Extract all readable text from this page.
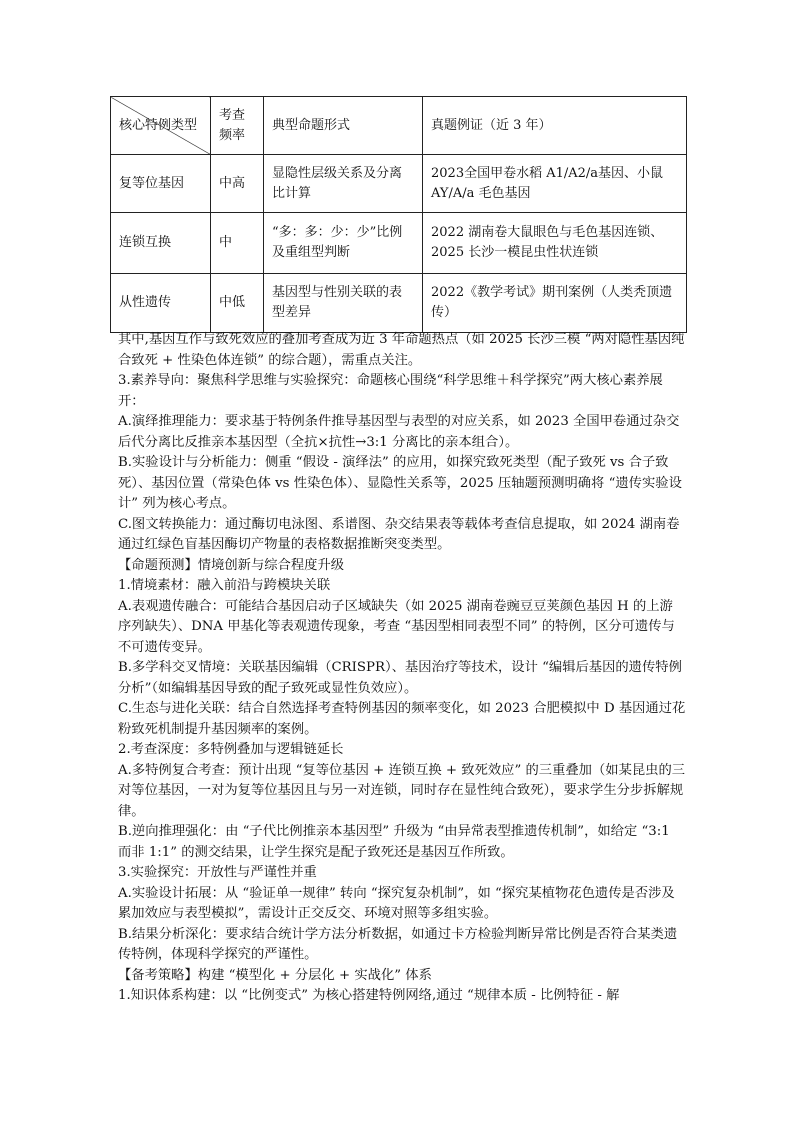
核心特例类型	考查频率	典型命题形式	真题例证（近 3 年）
复等位基因	中高	显隐性层级关系及分离比计算	2023全国甲卷水稻 A1/A2/a基因、小鼠 AY/A/a 毛色基因
连锁互换	中	“多：多：少：少”比例及重组型判断	2022 湖南卷大鼠眼色与毛色基因连锁、2025 长沙一模昆虫性状连锁
从性遗传	中低	基因型与性别关联的表型差异	2022《教学考试》期刊案例（人类秃顶遗传）

其中,基因互作与致死效应的叠加考查成为近 3 年命题热点（如 2025 长沙三模 “两对隐性基因纯合致死 + 性染色体连锁” 的综合题），需重点关注。

3.素养导向：聚焦科学思维与实验探究：命题核心围绕“科学思维＋科学探究”两大核心素养展开：

A.演绎推理能力：要求基于特例条件推导基因型与表型的对应关系，如 2023 全国甲卷通过杂交后代分离比反推亲本基因型（全抗×抗性→3:1 分离比的亲本组合）。

B.实验设计与分析能力：侧重 “假设 - 演绎法” 的应用，如探究致死类型（配子致死 vs 合子致死）、基因位置（常染色体 vs 性染色体）、显隐性关系等，2025 压轴题预测明确将 “遗传实验设计” 列为核心考点。

C.图文转换能力：通过酶切电泳图、系谱图、杂交结果表等载体考查信息提取，如 2024 湖南卷通过红绿色盲基因酶切产物量的表格数据推断突变类型。

【命题预测】情境创新与综合程度升级

1.情境素材：融入前沿与跨模块关联

A.表观遗传融合：可能结合基因启动子区域缺失（如 2025 湖南卷豌豆豆荚颜色基因 H 的上游序列缺失）、DNA 甲基化等表观遗传现象，考查 “基因型相同表型不同” 的特例，区分可遗传与不可遗传变异。

B.多学科交叉情境：关联基因编辑（CRISPR）、基因治疗等技术，设计 “编辑后基因的遗传特例分析”（如编辑基因导致的配子致死或显性负效应）。

C.生态与进化关联：结合自然选择考查特例基因的频率变化，如 2023 合肥模拟中 D 基因通过花粉致死机制提升基因频率的案例。

2.考查深度：多特例叠加与逻辑链延长

A.多特例复合考查：预计出现 “复等位基因 + 连锁互换 + 致死效应” 的三重叠加（如某昆虫的三对等位基因，一对为复等位基因且与另一对连锁，同时存在显性纯合致死），要求学生分步拆解规律。

B.逆向推理强化：由 “子代比例推亲本基因型” 升级为 “由异常表型推遗传机制”，如给定 “3:1 而非 1:1” 的测交结果，让学生探究是配子致死还是基因互作所致。

3.实验探究：开放性与严谨性并重

A.实验设计拓展：从 “验证单一规律” 转向 “探究复杂机制”，如 “探究某植物花色遗传是否涉及累加效应与表型模拟”，需设计正交反交、环境对照等多组实验。

B.结果分析深化：要求结合统计学方法分析数据，如通过卡方检验判断异常比例是否符合某类遗传特例，体现科学探究的严谨性。

【备考策略】构建 “模型化 + 分层化 + 实战化” 体系

1.知识体系构建：以 “比例变式” 为核心搭建特例网络,通过 “规律本质 - 比例特征 - 解
